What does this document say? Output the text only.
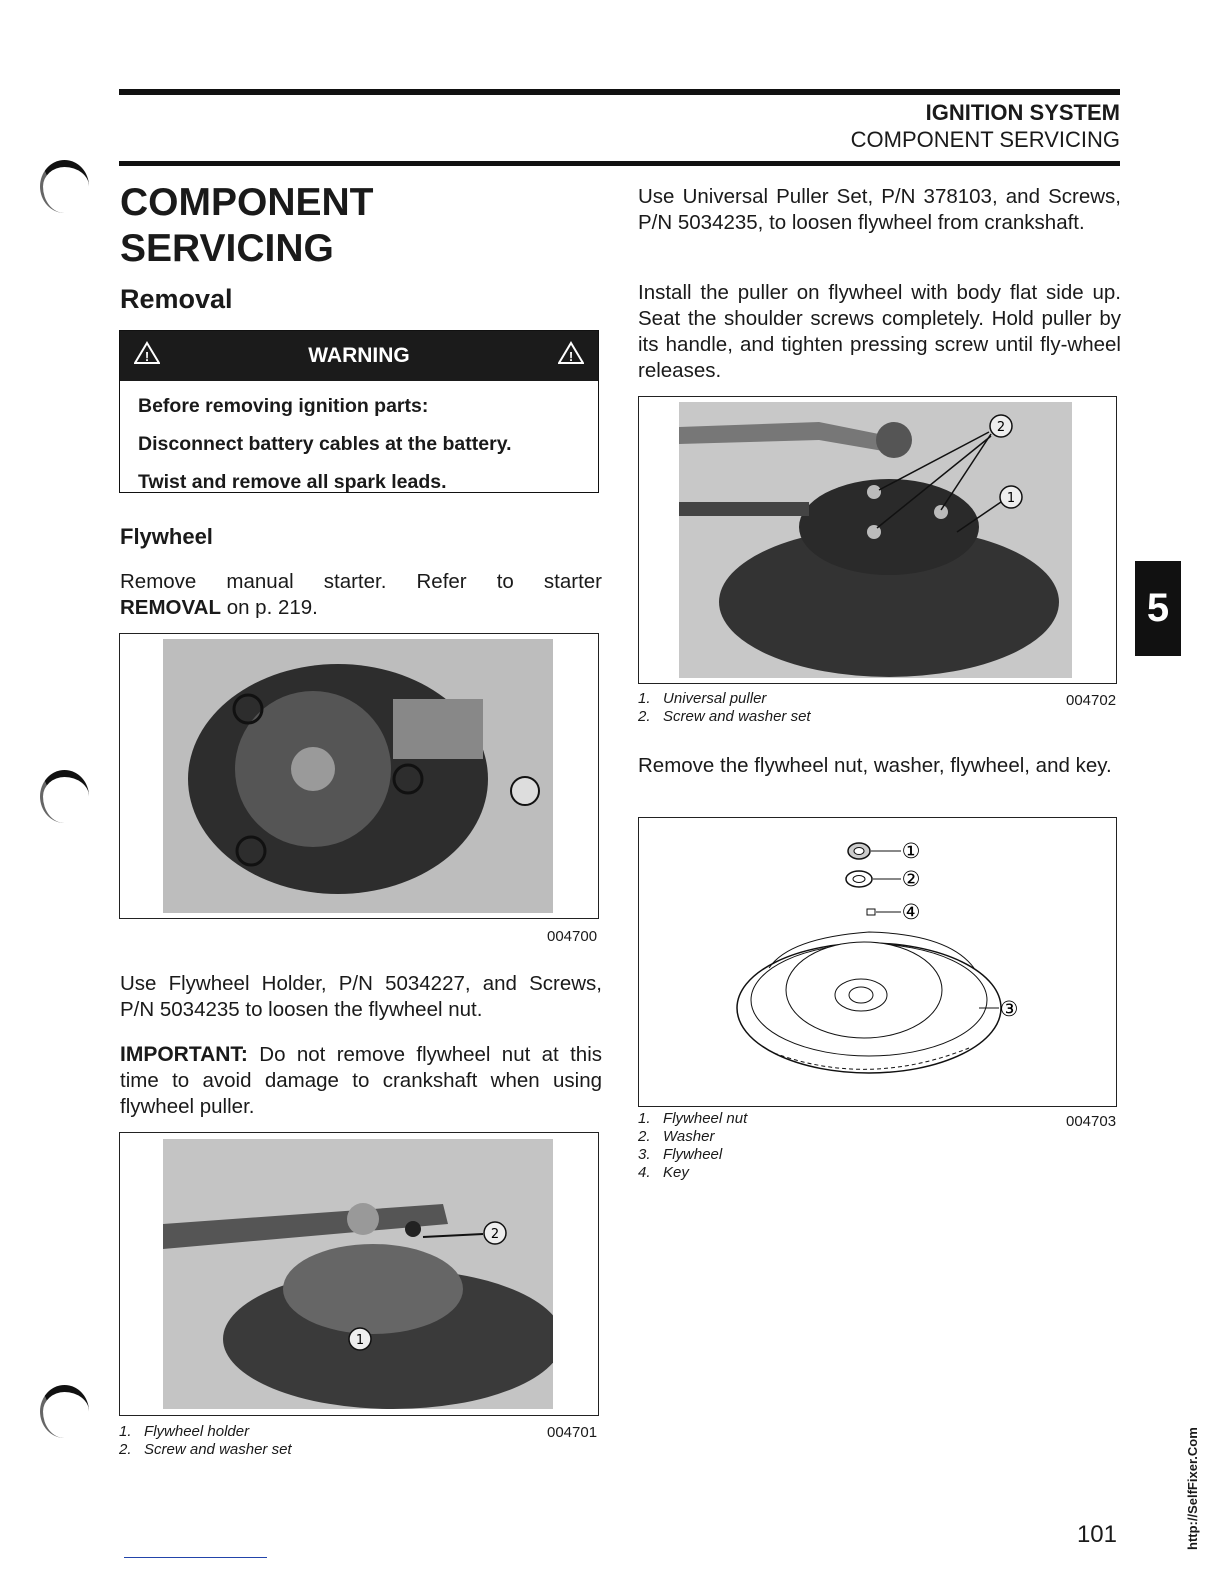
IGNITION SYSTEM
COMPONENT SERVICING
COMPONENT SERVICING
Removal
!	WARNING	!
Before removing ignition parts:
Disconnect battery cables at the battery.
Twist and remove all spark leads.
Flywheel
Remove manual starter. Refer to starter
REMOVAL on p. 219.
004700
Use Flywheel Holder, P/N 5034227, and Screws, P/N 5034235 to loosen the flywheel nut.
IMPORTANT: Do not remove flywheel nut at this time to avoid damage to crankshaft when using flywheel puller.
2
1
1. Flywheel holder
2. Screw and washer set
004701
Use Universal Puller Set, P/N 378103, and Screws, P/N 5034235, to loosen flywheel from crankshaft.
Install the puller on flywheel with body flat side up. Seat the shoulder screws completely. Hold puller by its handle, and tighten pressing screw until fly-wheel releases.
2
1
1. Universal puller
2. Screw and washer set
004702
Remove the flywheel nut, washer, flywheel, and key.
①
②
④
③
1. Flywheel nut
2. Washer
3. Flywheel
4. Key
004703
5
http://SelfFixer.Com
101
